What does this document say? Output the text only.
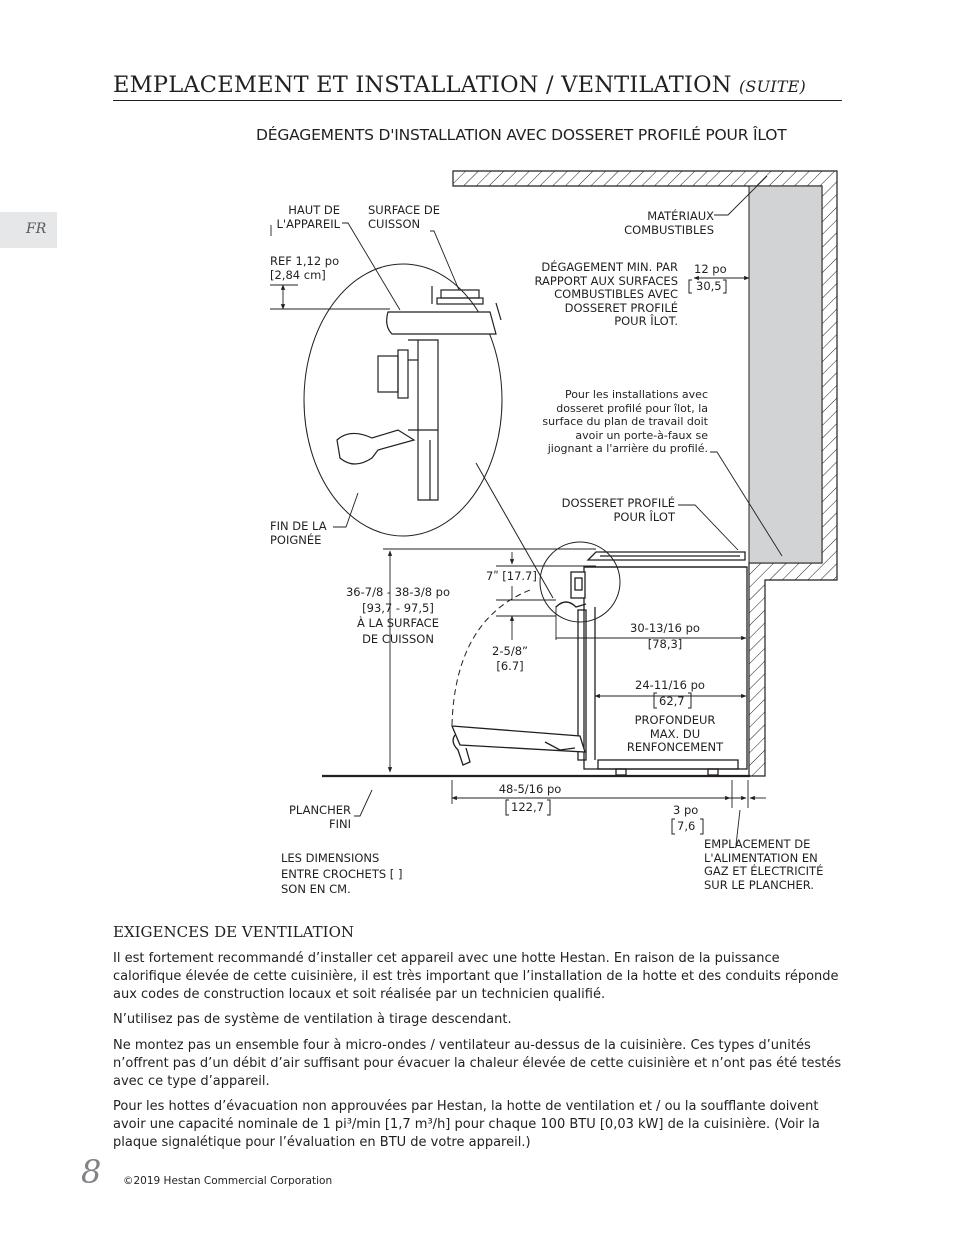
EMPLACEMENT ET INSTALLATION / VENTILATION (SUITE)
FR
DÉGAGEMENTS D'INSTALLATION AVEC DOSSERET PROFILÉ POUR ÎLOT
HAUT DE
L'APPAREIL
SURFACE DE
CUISSON
REF 1,12 po
[2,84 cm]
FIN DE LA
POIGNÉE
MATÉRIAUX
COMBUSTIBLES
DÉGAGEMENT MIN. PAR
RAPPORT AUX SURFACES
COMBUSTIBLES AVEC
DOSSERET PROFILÉ
POUR ÎLOT.
12 po
30,5
Pour les installations avec
dosseret profilé pour îlot, la
surface du plan de travail doit
avoir un porte-à-faux se
jiognant a l'arrière du profilé.
DOSSERET PROFILÉ
POUR ÎLOT
7ʺ [17.7]
36-7/8 - 38-3/8 po
[93,7 - 97,5]
À LA SURFACE
DE CUISSON
2-5/8”
[6.7]
30-13/16 po
[78,3]
24-11/16 po
62,7
PROFONDEUR
MAX. DU
RENFONCEMENT
PLANCHER
FINI
48-5/16 po
122,7	3 po
7,6
EMPLACEMENT DE
L'ALIMENTATION EN
GAZ ET ÉLECTRICITÉ
SUR LE PLANCHER.
LES DIMENSIONS
ENTRE CROCHETS [ ]
SON EN CM.
EXIGENCES DE VENTILATION
Il est fortement recommandé d’installer cet appareil avec une hotte Hestan. En raison de la puissance calorifique élevée de cette cuisinière, il est très important que l’installation de la hotte et des conduits réponde aux codes de construction locaux et soit réalisée par un technicien qualifié.
N’utilisez pas de système de ventilation à tirage descendant.
Ne montez pas un ensemble four à micro-ondes / ventilateur au-dessus de la cuisinière. Ces types d’unités n’offrent pas d’un débit d’air suffisant pour évacuer la chaleur élevée de cette cuisinière et n’ont pas été testés avec ce type d’appareil.
Pour les hottes d’évacuation non approuvées par Hestan, la hotte de ventilation et / ou la soufflante doivent avoir une capacité nominale de 1 pi³/min [1,7 m³/h] pour chaque 100 BTU [0,03 kW] de la cuisinière. (Voir la plaque signalétique pour l’évaluation en BTU de votre appareil.)
8 ©2019 Hestan Commercial Corporation
